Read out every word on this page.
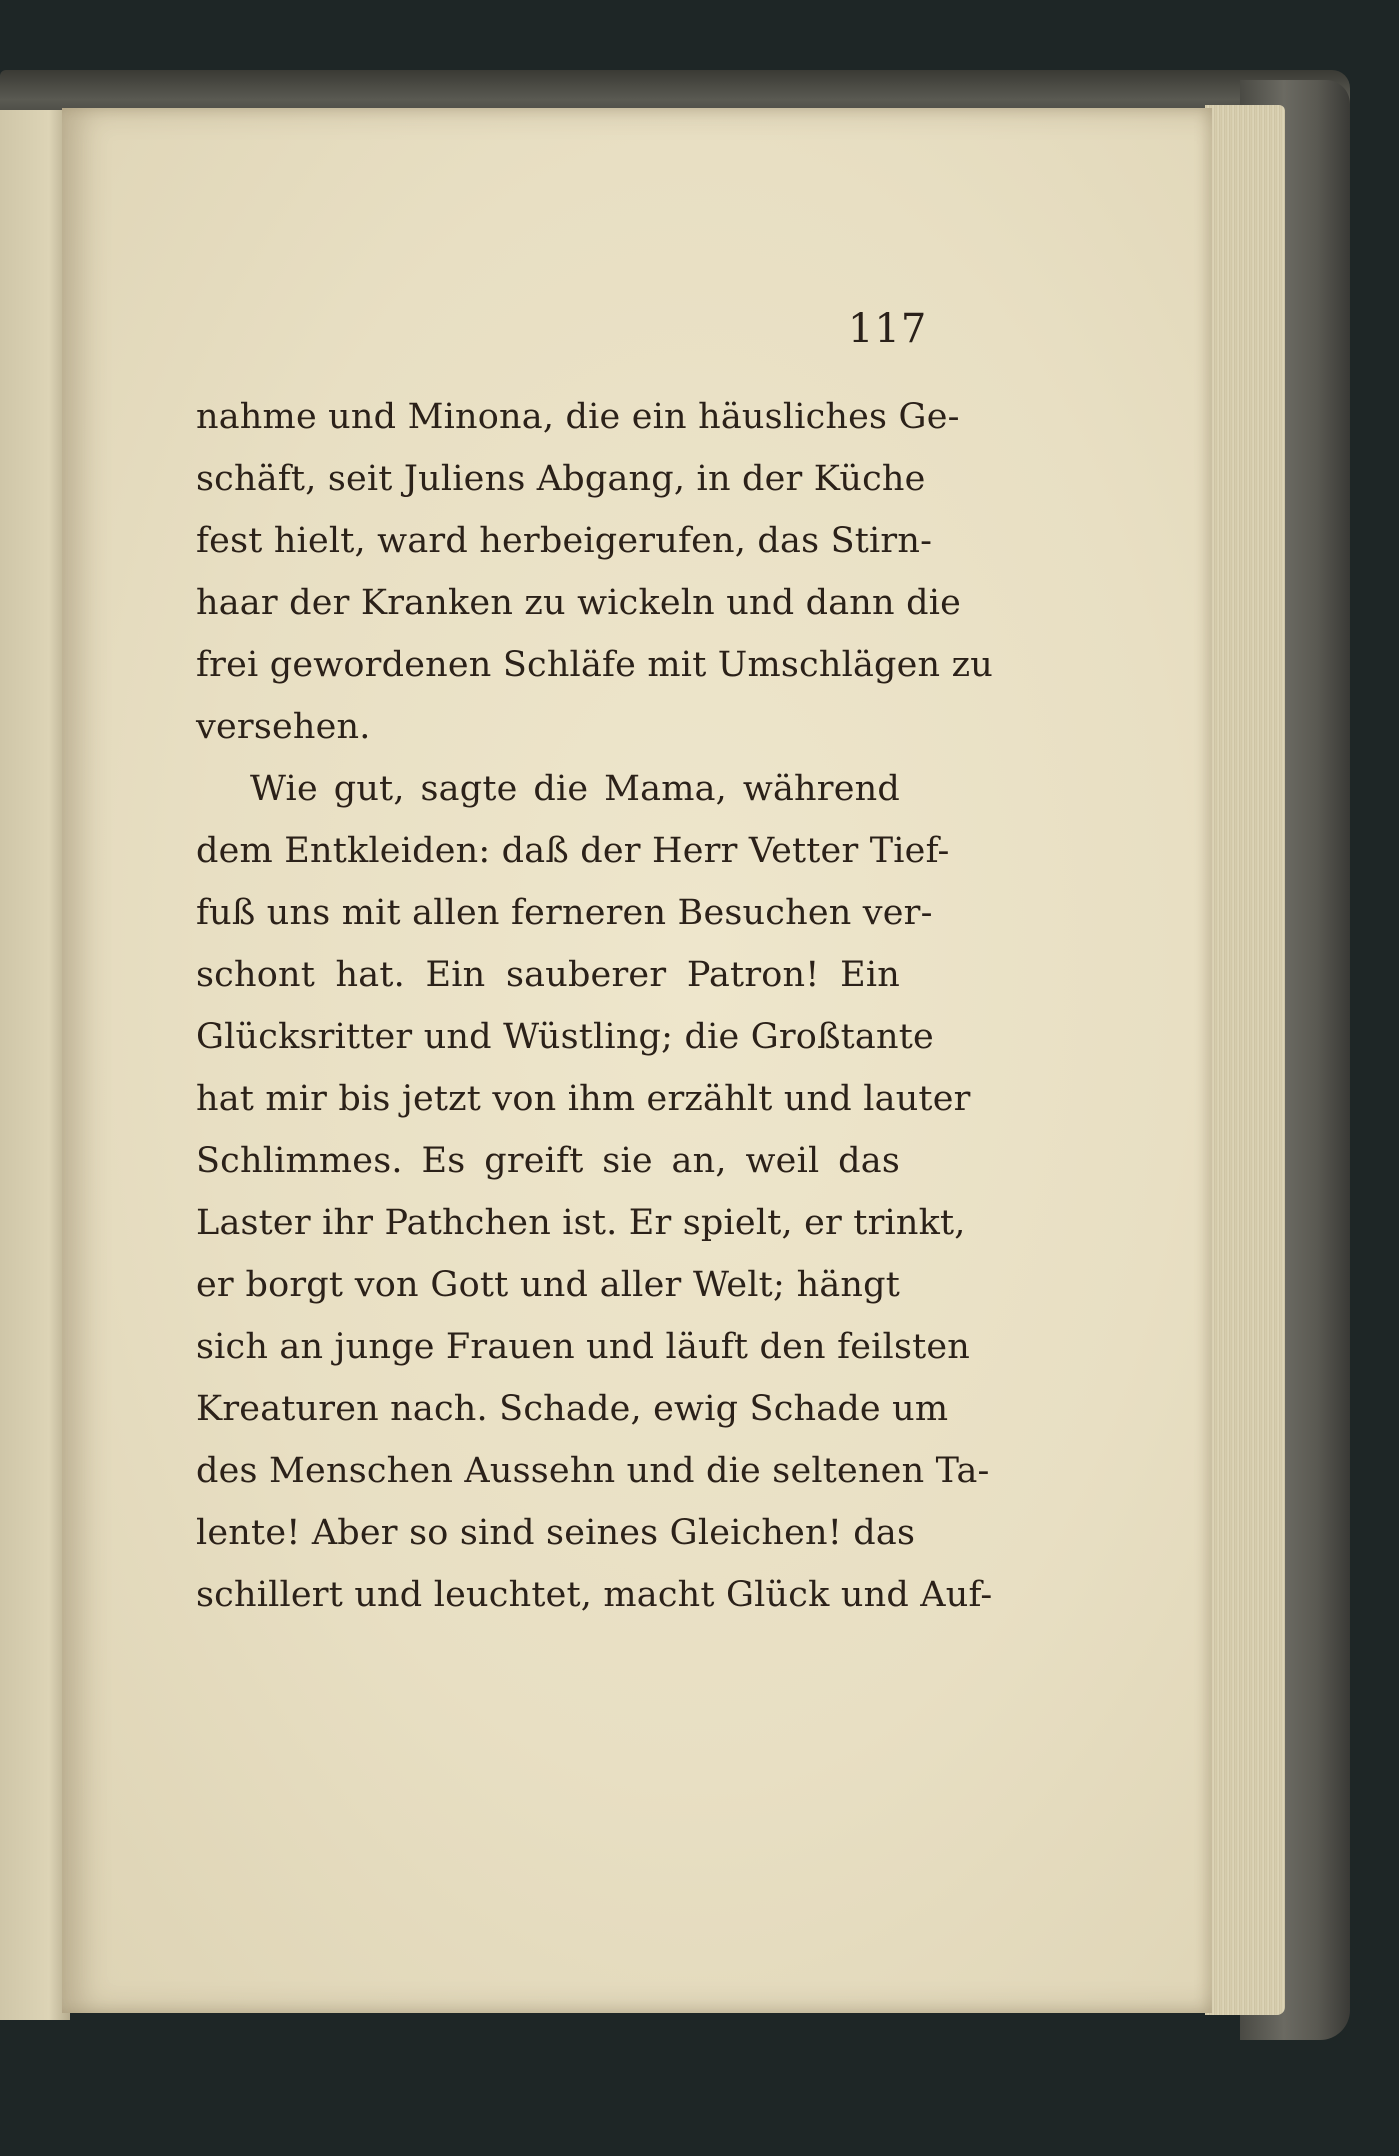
117
nahme und Minona, die ein häusliches Ge-
schäft, seit Juliens Abgang, in der Küche
fest hielt, ward herbeigerufen, das Stirn-
haar der Kranken zu wickeln und dann die
frei gewordenen Schläfe mit Umschlägen zu
versehen.
Wie gut, sagte die Mama, während
dem Entkleiden: daß der Herr Vetter Tief-
fuß uns mit allen ferneren Besuchen ver-
schont hat. Ein sauberer Patron! Ein
Glücksritter und Wüstling; die Großtante
hat mir bis jetzt von ihm erzählt und lauter
Schlimmes. Es greift sie an, weil das
Laster ihr Pathchen ist. Er spielt, er trinkt,
er borgt von Gott und aller Welt; hängt
sich an junge Frauen und läuft den feilsten
Kreaturen nach. Schade, ewig Schade um
des Menschen Aussehn und die seltenen Ta-
lente! Aber so sind seines Gleichen! das
schillert und leuchtet, macht Glück und Auf-
